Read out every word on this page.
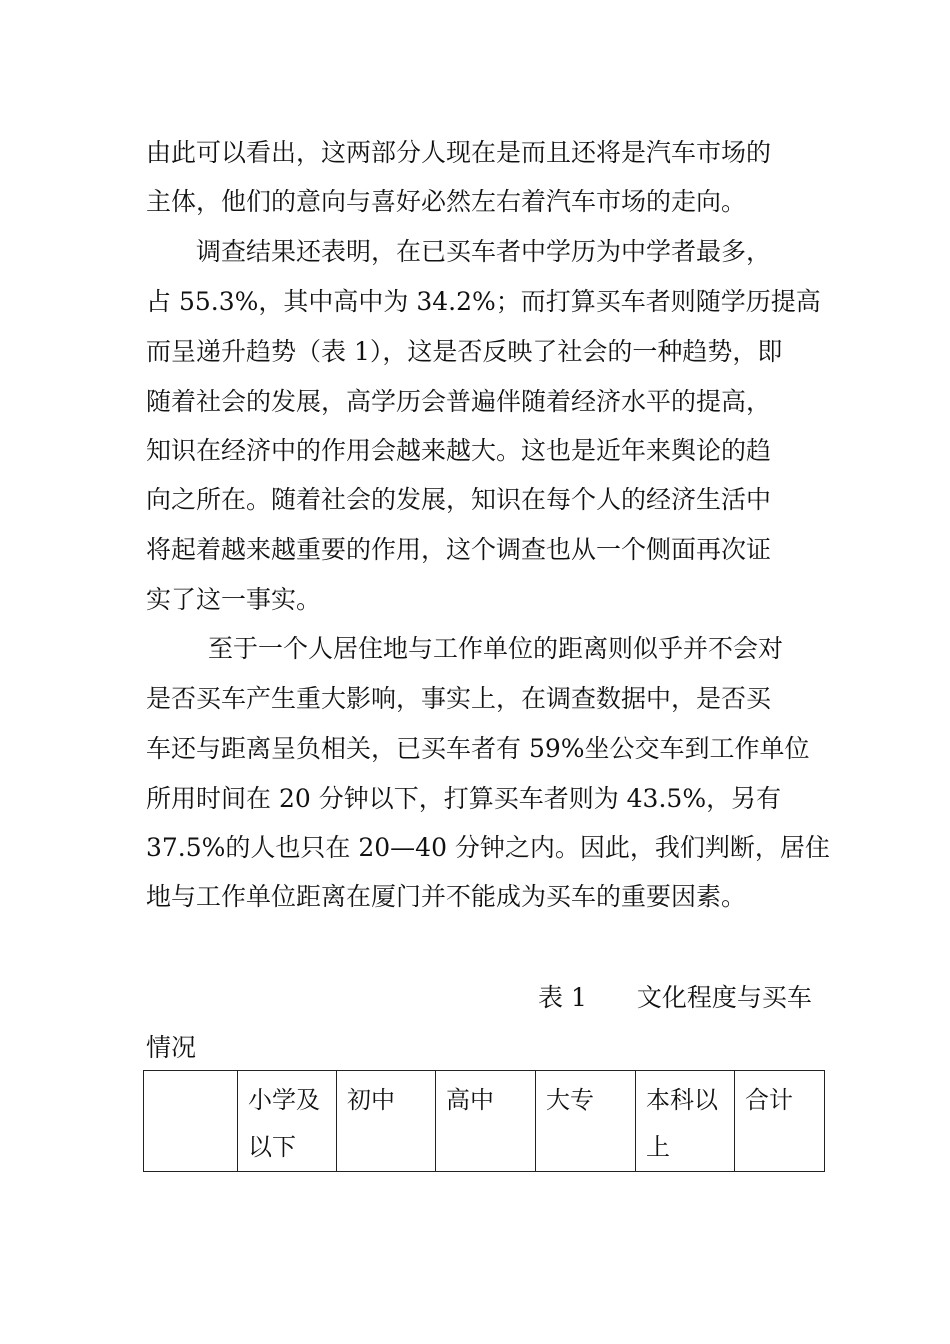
由此可以看出，这两部分人现在是而且还将是汽车市场的
主体，他们的意向与喜好必然左右着汽车市场的走向。
调查结果还表明，在已买车者中学历为中学者最多，
占 55.3%，其中高中为 34.2%；而打算买车者则随学历提高
而呈递升趋势（表 1），这是否反映了社会的一种趋势，即
随着社会的发展，高学历会普遍伴随着经济水平的提高，
知识在经济中的作用会越来越大。这也是近年来舆论的趋
向之所在。随着社会的发展，知识在每个人的经济生活中
将起着越来越重要的作用，这个调查也从一个侧面再次证
实了这一事实。
至于一个人居住地与工作单位的距离则似乎并不会对
是否买车产生重大影响，事实上，在调查数据中，是否买
车还与距离呈负相关，已买车者有 59%坐公交车到工作单位
所用时间在 20 分钟以下，打算买车者则为 43.5%，另有
37.5%的人也只在 20—40 分钟之内。因此，我们判断，居住
地与工作单位距离在厦门并不能成为买车的重要因素。
表 1　　文化程度与买车
情况
	小学及以下	初中	高中	大专	本科以上	合计
